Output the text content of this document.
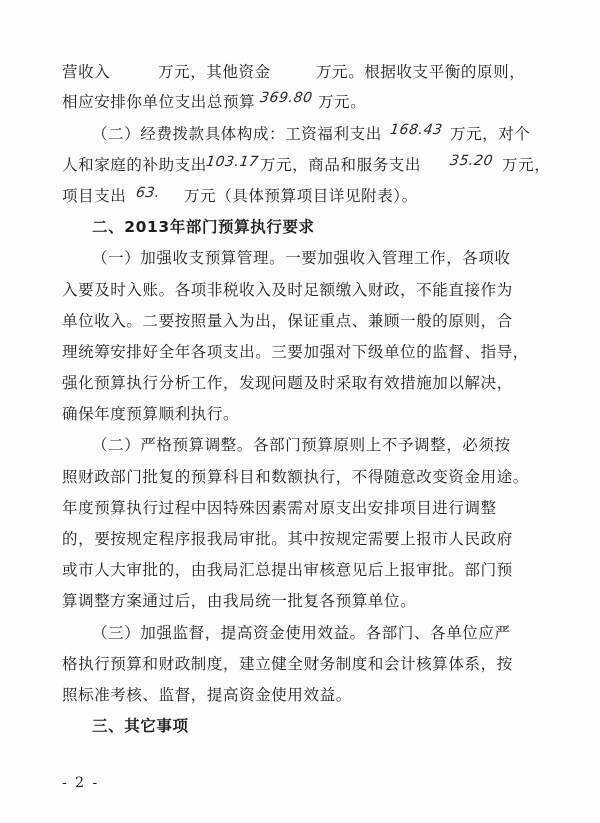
营收入	万元，其他资金	万元。根据收支平衡的原则，
相应安排你单位支出总预算 369.80 万元。
（二）经费拨款具体构成：工资福利支出 168.43 万元，对个
人和家庭的补助支出
103.17 万元，商品和服务支出 35.20 万元，
项目支出 63. 万元（具体预算项目详见附表）。
二、2013年部门预算执行要求
（一）加强收支预算管理。一要加强收入管理工作，各项收
入要及时入账。各项非税收入及时足额缴入财政，不能直接作为
单位收入。二要按照量入为出，保证重点、兼顾一般的原则，合
理统筹安排好全年各项支出。三要加强对下级单位的监督、指导，
强化预算执行分析工作，发现问题及时采取有效措施加以解决，
确保年度预算顺利执行。
（二）严格预算调整。各部门预算原则上不予调整，必须按
照财政部门批复的预算科目和数额执行，不得随意改变资金用途。
年度预算执行过程中因特殊因素需对原支出安排项目进行调整
的，要按规定程序报我局审批。其中按规定需要上报市人民政府
或市人大审批的，由我局汇总提出审核意见后上报审批。部门预
算调整方案通过后，由我局统一批复各预算单位。
（三）加强监督，提高资金使用效益。各部门、各单位应严
格执行预算和财政制度，建立健全财务制度和会计核算体系，按
照标准考核、监督，提高资金使用效益。
三、其它事项
- 2 -
